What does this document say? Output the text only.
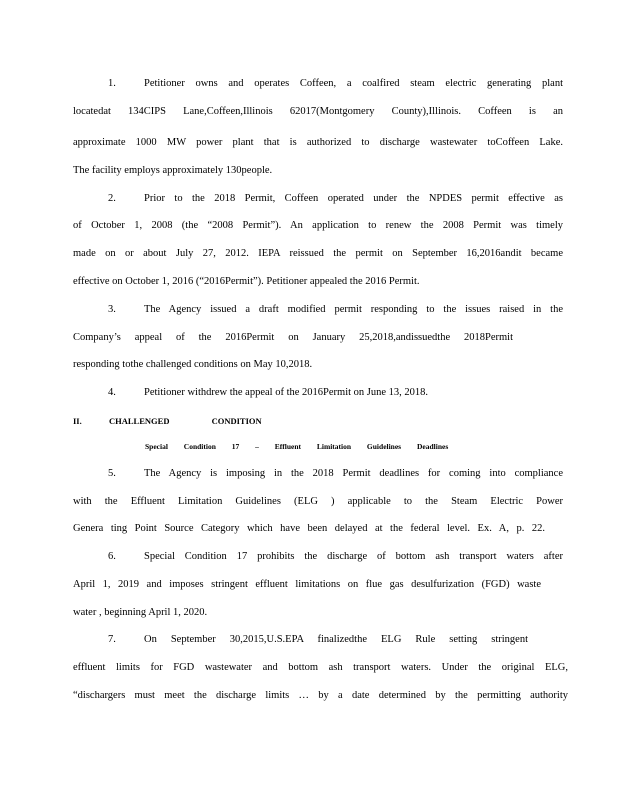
1.	Petitioner owns and operates Coffeen, a coalfired steam electric generating plant
locatedat 134CIPS Lane,Coffeen,Illinois 62017(Montgomery County),Illinois. Coffeen is an
approximate 1000 MW power plant that is authorized to discharge wastewater toCoffeen Lake.
The facility employs approximately 130people.
2.	Prior to the 2018 Permit, Coffeen operated under the NPDES permit effective as
of October 1, 2008 (the “2008 Permit”). An application to renew the 2008 Permit was timely
made on or about July 27, 2012. IEPA reissued the permit on September 16,2016andit became
effective on October 1, 2016 (“2016Permit”). Petitioner appealed the 2016 Permit.
3.	The Agency issued a draft modified permit responding to the issues raised in the
Company’s appeal of the 2016Permit on January 25,2018,andissuedthe 2018Permit
responding tothe challenged conditions on May 10,2018.
4.	Petitioner withdrew the appeal of the 2016Permit on June 13, 2018.
II.	CHALLENGED CONDITION
Special Condition 17 – Effluent Limitation Guidelines Deadlines
5.	The Agency is imposing in the 2018 Permit deadlines for coming into compliance
with the Effluent Limitation Guidelines (ELG ) applicable to the Steam Electric Power
Genera ting Point Source Category which have been delayed at the federal level. Ex. A, p. 22.
6.	Special Condition 17 prohibits the discharge of bottom ash transport waters after
April 1, 2019 and imposes stringent effluent limitations on flue gas desulfurization (FGD) waste
water , beginning April 1, 2020.
7.	On September 30,2015,U.S.EPA finalizedthe ELG Rule setting stringent
effluent limits for FGD wastewater and bottom ash transport waters. Under the original ELG,
“dischargers must meet the discharge limits … by a date determined by the permitting authority
